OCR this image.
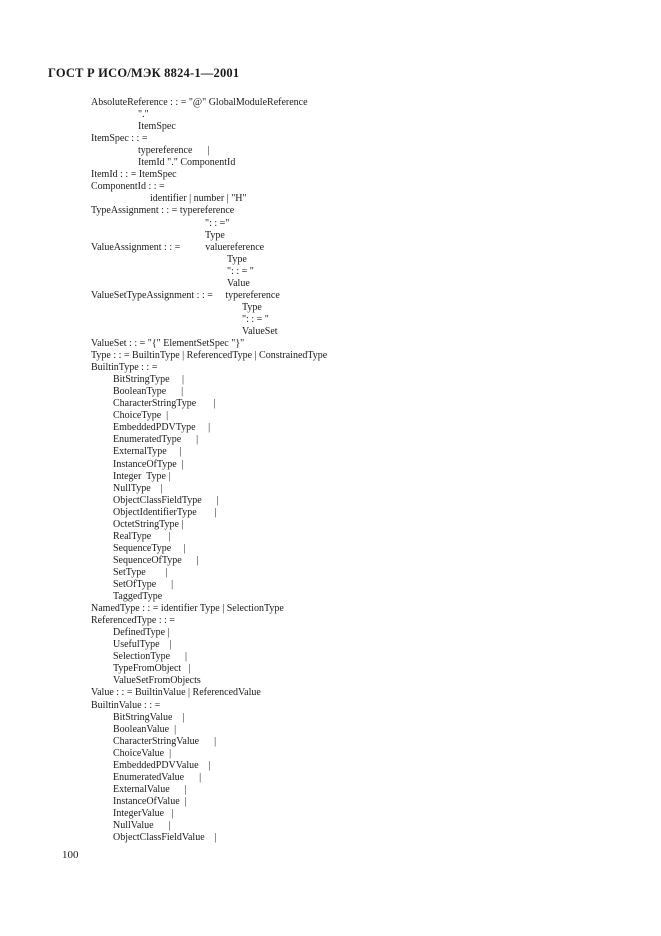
ГОСТ Р ИСО/МЭК 8824-1—2001
AbsoluteReference : : = "@" GlobalModuleReference
"."
ItemSpec
ItemSpec : : =
typereference      |
ItemId "." ComponentId
ItemId : : = ItemSpec
ComponentId : : =
identifier | number | "H"
TypeAssignment : : = typereference
": : ="
Type
ValueAssignment : : =          valuereference
Type
": : = "
Value
ValueSetTypeAssignment : : =     typereference
Type
": : = "
ValueSet
ValueSet : : = "{" ElementSetSpec "}"
Type : : = BuiltinType | ReferencedType | ConstrainedType
BuiltinType : : =
BitStringType     |
BooleanType      |
CharacterStringType       |
ChoiceType  |
EmbeddedPDVType     |
EnumeratedType      |
ExternalType     |
InstanceOfType  |
Integer  Type |
NullType    |
ObjectClassFieldType      |
ObjectIdentifierType       |
OctetStringType |
RealType       |
SequenceType     |
SequenceOfType      |
SetType        |
SetOfType      |
TaggedType
NamedType : : = identifier Type | SelectionType
ReferencedType : : =
DefinedType |
UsefulType    |
SelectionType      |
TypeFromObject   |
ValueSetFromObjects
Value : : = BuiltinValue | ReferencedValue
BuiltinValue : : =
BitStringValue    |
BooleanValue  |
CharacterStringValue      |
ChoiceValue  |
EmbeddedPDVValue    |
EnumeratedValue      |
ExternalValue      |
InstanceOfValue  |
IntegerValue   |
NullValue      |
ObjectClassFieldValue    |
100
